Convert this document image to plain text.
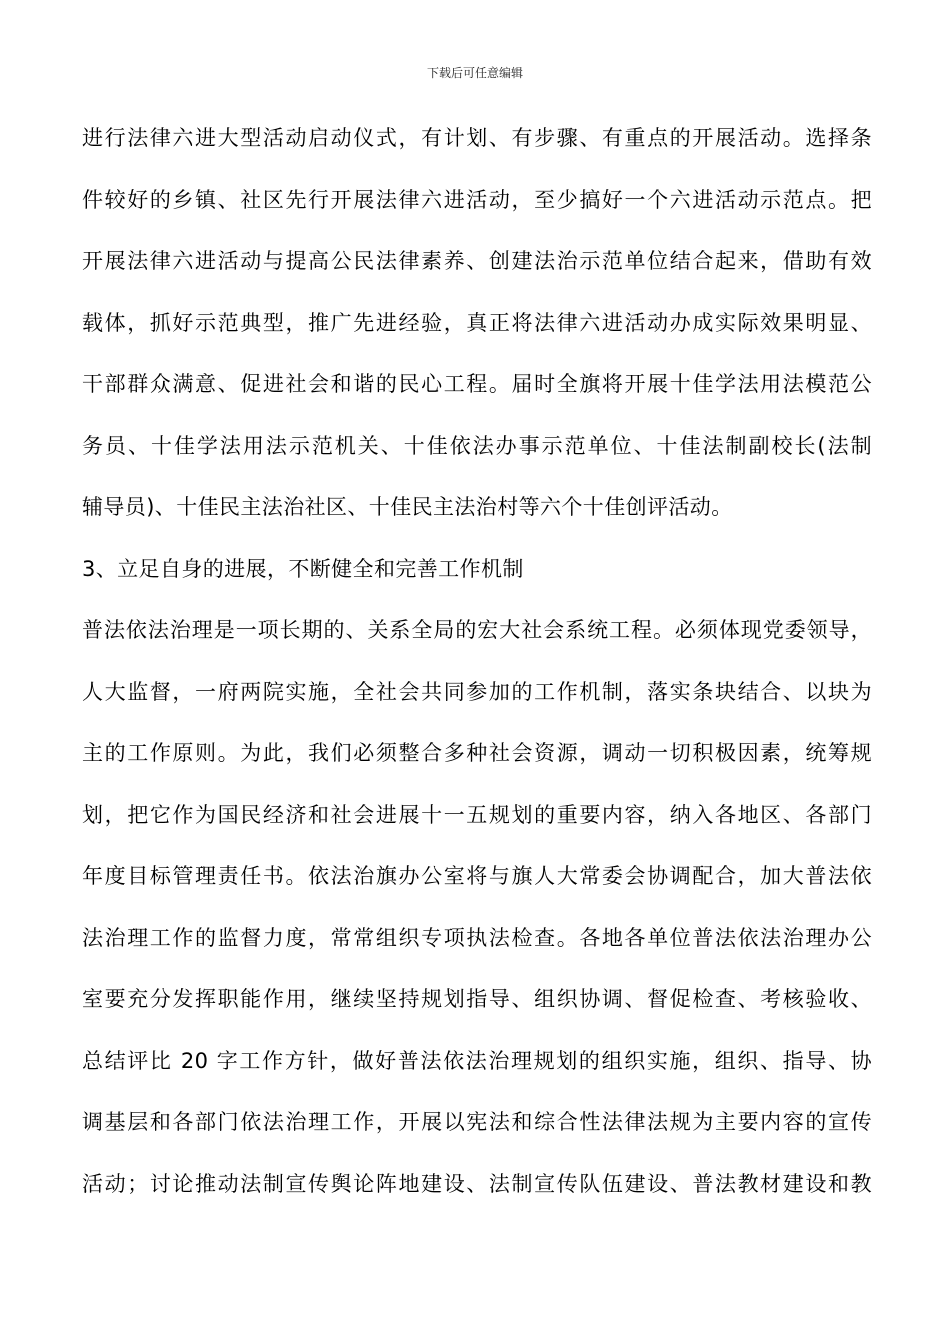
下载后可任意编辑
进行法律六进大型活动启动仪式，有计划、有步骤、有重点的开展活动。选择条
件较好的乡镇、社区先行开展法律六进活动，至少搞好一个六进活动示范点。把
开展法律六进活动与提高公民法律素养、创建法治示范单位结合起来，借助有效
载体，抓好示范典型，推广先进经验，真正将法律六进活动办成实际效果明显、
干部群众满意、促进社会和谐的民心工程。届时全旗将开展十佳学法用法模范公
务员、十佳学法用法示范机关、十佳依法办事示范单位、十佳法制副校长(法制
辅导员)、十佳民主法治社区、十佳民主法治村等六个十佳创评活动。
3、立足自身的进展，不断健全和完善工作机制
普法依法治理是一项长期的、关系全局的宏大社会系统工程。必须体现党委领导，
人大监督，一府两院实施，全社会共同参加的工作机制，落实条块结合、以块为
主的工作原则。为此，我们必须整合多种社会资源，调动一切积极因素，统筹规
划，把它作为国民经济和社会进展十一五规划的重要内容，纳入各地区、各部门
年度目标管理责任书。依法治旗办公室将与旗人大常委会协调配合，加大普法依
法治理工作的监督力度，常常组织专项执法检查。各地各单位普法依法治理办公
室要充分发挥职能作用，继续坚持规划指导、组织协调、督促检查、考核验收、
总结评比 20 字工作方针，做好普法依法治理规划的组织实施，组织、指导、协
调基层和各部门依法治理工作，开展以宪法和综合性法律法规为主要内容的宣传
活动；讨论推动法制宣传舆论阵地建设、法制宣传队伍建设、普法教材建设和教
